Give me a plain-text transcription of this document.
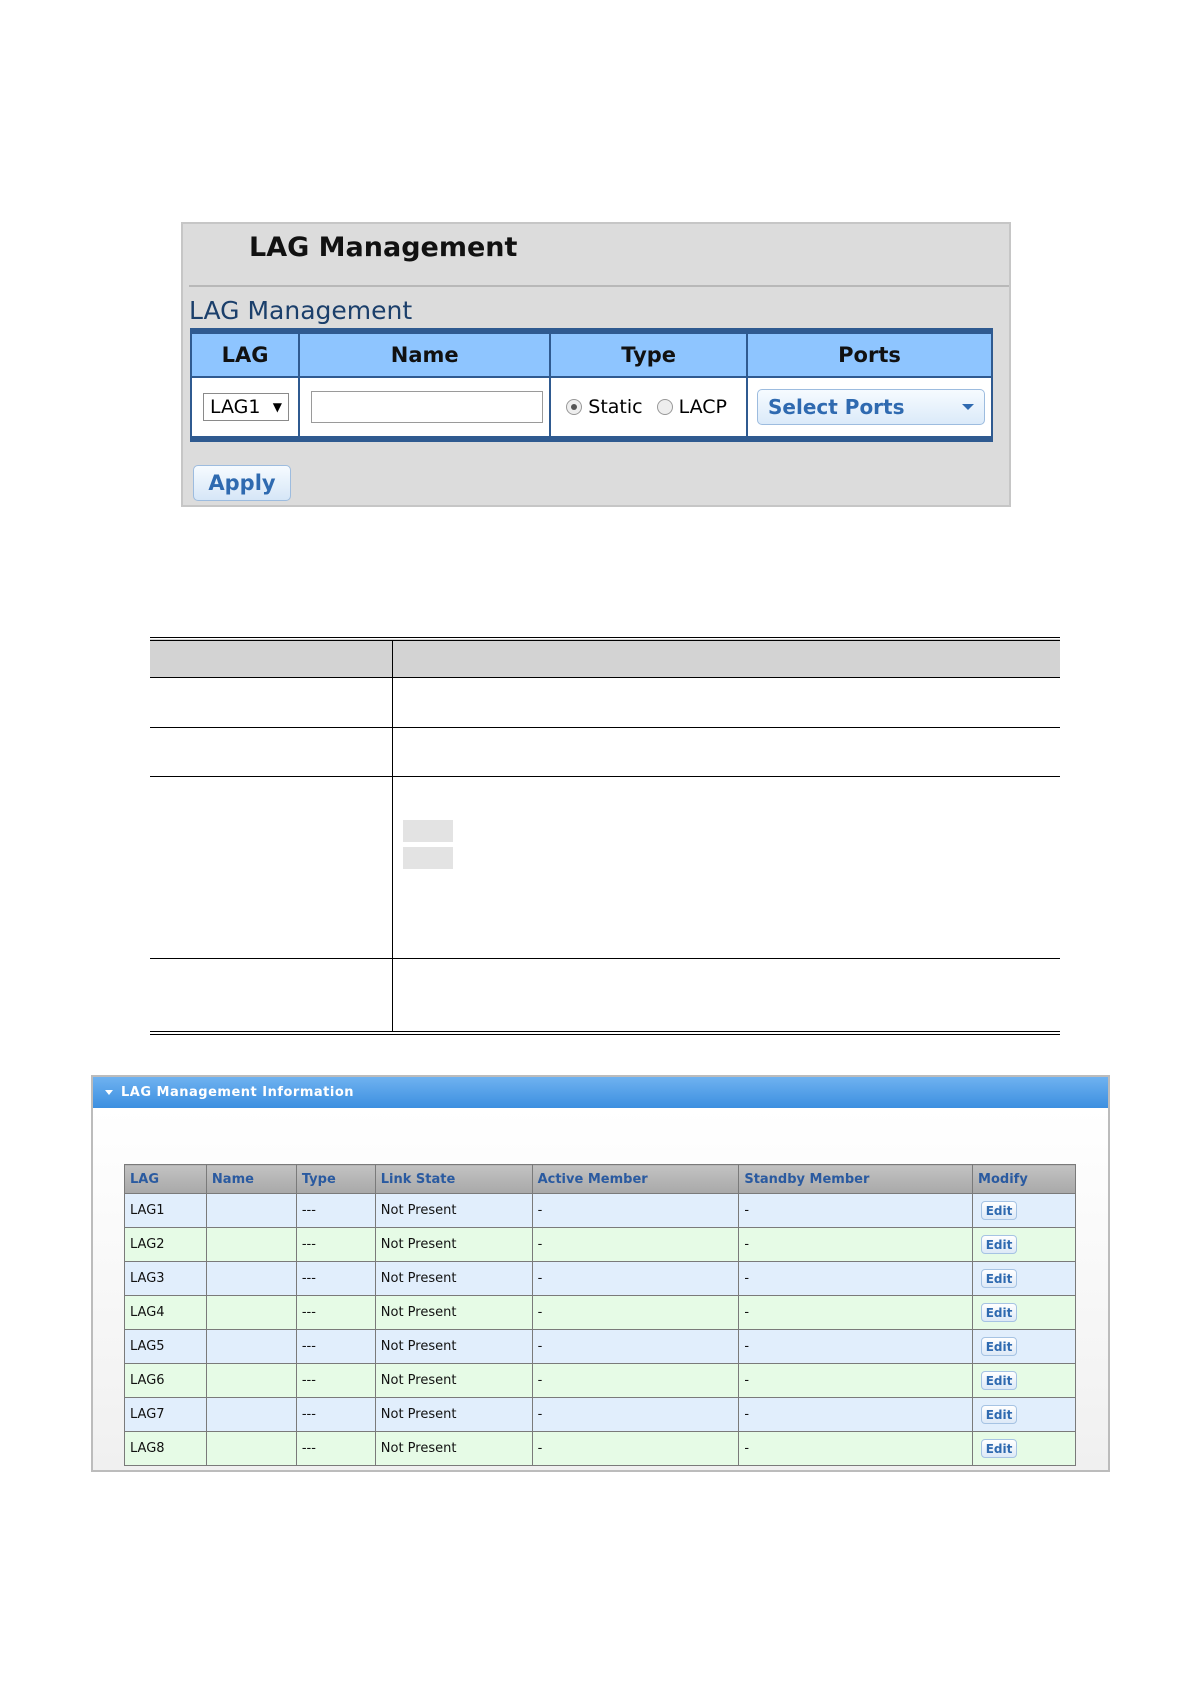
LAG Management
LAG Management
LAG	Name	Type	Ports

LAG1 ▼		Static LACP	Select Ports
Apply

LAG Management Information
LAG	Name	Type	Link State	Active Member	Standby Member	Modify
LAG1		---	Not Present	-	-	Edit
LAG2		---	Not Present	-	-	Edit
LAG3		---	Not Present	-	-	Edit
LAG4		---	Not Present	-	-	Edit
LAG5		---	Not Present	-	-	Edit
LAG6		---	Not Present	-	-	Edit
LAG7		---	Not Present	-	-	Edit
LAG8		---	Not Present	-	-	Edit
